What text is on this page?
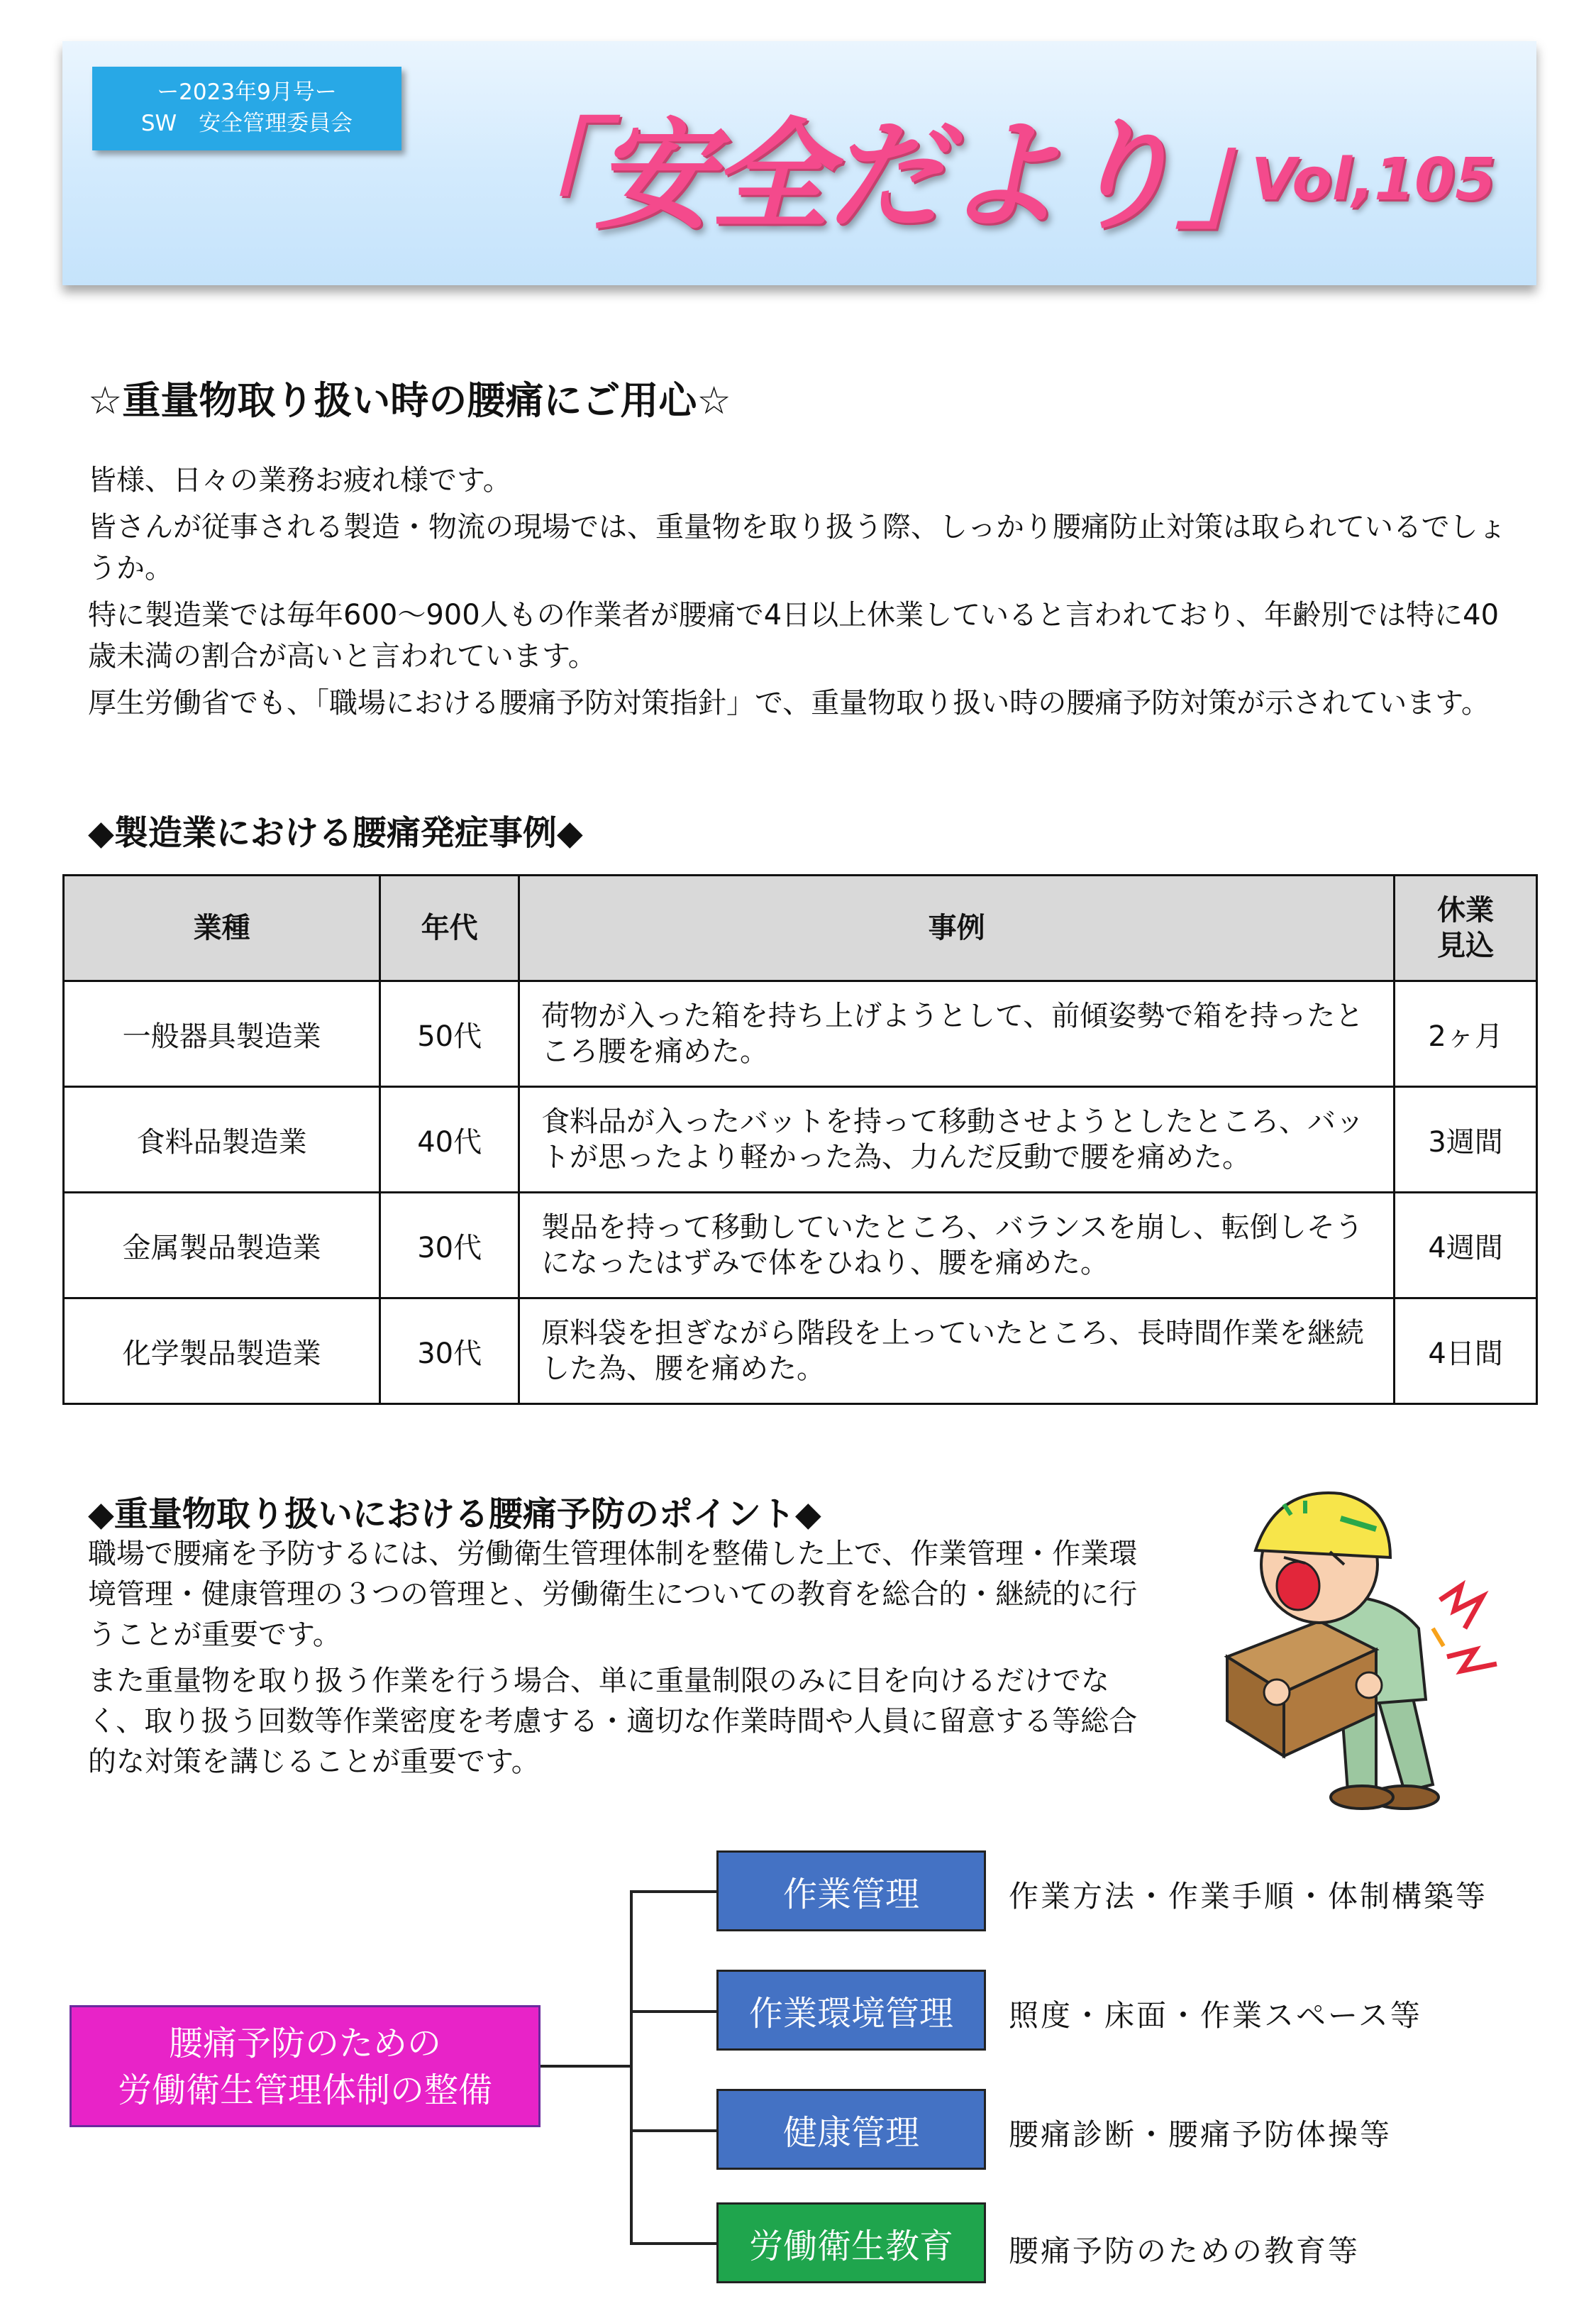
ー2023年9月号ー
SW　安全管理委員会	「安全だより」
Vol,105
☆重量物取り扱い時の腰痛にご用心☆

皆様、日々の業務お疲れ様です。

皆さんが従事される製造・物流の現場では、重量物を取り扱う際、しっかり腰痛防止対策は取られているでしょうか。

特に製造業では毎年600～900人もの作業者が腰痛で4日以上休業していると言われており、年齢別では特に40歳未満の割合が高いと言われています。

厚生労働省でも、「職場における腰痛予防対策指針」で、重量物取り扱い時の腰痛予防対策が示されています。

◆製造業における腰痛発症事例◆
業種	年代	事例	休業
見込
一般器具製造業	50代	荷物が入った箱を持ち上げようとして、前傾姿勢で箱を持ったところ腰を痛めた。	2ヶ月
食料品製造業	40代	食料品が入ったバットを持って移動させようとしたところ、バットが思ったより軽かった為、力んだ反動で腰を痛めた。	3週間
金属製品製造業	30代	製品を持って移動していたところ、バランスを崩し、転倒しそうになったはずみで体をひねり、腰を痛めた。	4週間
化学製品製造業	30代	原料袋を担ぎながら階段を上っていたところ、長時間作業を継続した為、腰を痛めた。	4日間
◆重量物取り扱いにおける腰痛予防のポイント◆

職場で腰痛を予防するには、労働衛生管理体制を整備した上で、作業管理・作業環境管理・健康管理の３つの管理と、労働衛生についての教育を総合的・継続的に行うことが重要です。

また重量物を取り扱う作業を行う場合、単に重量制限のみに目を向けるだけでなく、取り扱う回数等作業密度を考慮する・適切な作業時間や人員に留意する等総合的な対策を講じることが重要です。

腰痛予防のための
労働衛生管理体制の整備
作業管理
作業環境管理
健康管理
労働衛生教育
作業方法・作業手順・体制構築等
照度・床面・作業スペース等
腰痛診断・腰痛予防体操等
腰痛予防のための教育等
